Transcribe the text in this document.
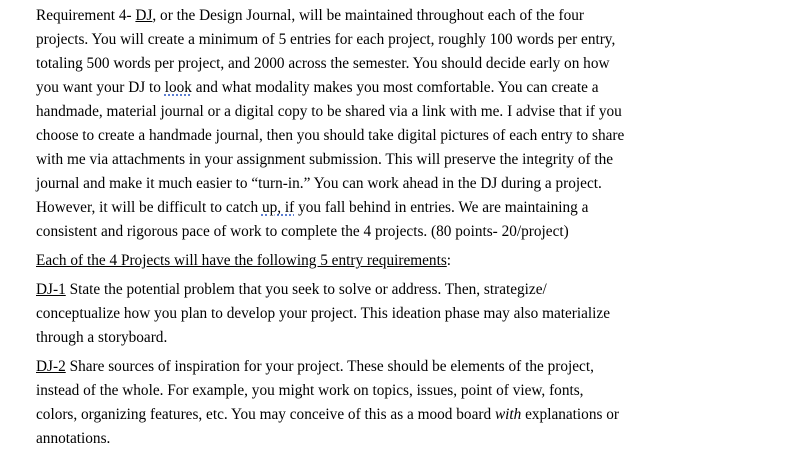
Requirement 4- DJ, or the Design Journal, will be maintained throughout each of the four
projects. You will create a minimum of 5 entries for each project, roughly 100 words per entry,
totaling 500 words per project, and 2000 across the semester. You should decide early on how
you want your DJ to look and what modality makes you most comfortable. You can create a
handmade, material journal or a digital copy to be shared via a link with me. I advise that if you
choose to create a handmade journal, then you should take digital pictures of each entry to share
with me via attachments in your assignment submission. This will preserve the integrity of the
journal and make it much easier to “turn-in.” You can work ahead in the DJ during a project.
However, it will be difficult to catch up, if you fall behind in entries. We are maintaining a
consistent and rigorous pace of work to complete the 4 projects. (80 points- 20/project)

Each of the 4 Projects will have the following 5 entry requirements:

DJ-1 State the potential problem that you seek to solve or address. Then, strategize/
conceptualize how you plan to develop your project. This ideation phase may also materialize
through a storyboard.

DJ-2 Share sources of inspiration for your project. These should be elements of the project,
instead of the whole. For example, you might work on topics, issues, point of view, fonts,
colors, organizing features, etc. You may conceive of this as a mood board with explanations or
annotations.
